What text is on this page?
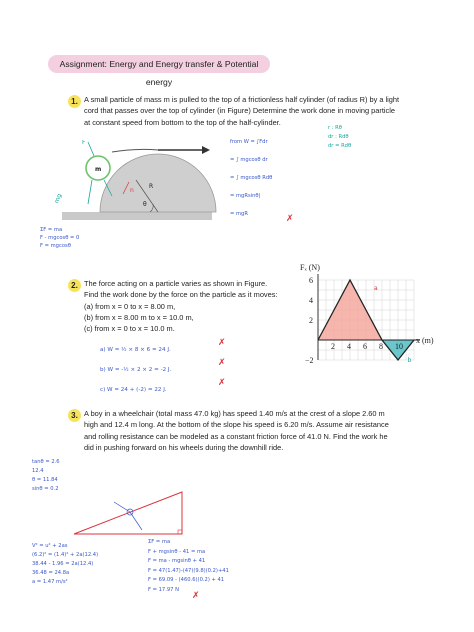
Assignment: Energy and Energy transfer & Potential energy
1. A small particle of mass m is pulled to the top of a frictionless half cylinder (of radius R) by a light
cord that passes over the top of cylinder (in Figure) Determine the work done in moving particle
at constant speed from bottom to the top of the half-cylinder.
θ
R
m
F
n
mg
ΣF = ma
F - mgcosθ = 0
F = mgcosθ
from W = ∫Fdr
= ∫ mgcosθ dr
= ∫ mgcosθ Rdθ
= mgRsinθ|
= mgR	✗
r : Rθ
dr : Rdθ
dr = Rdθ
2. The force acting on a particle varies as shown in Figure.
Find the work done by the force on the particle as it moves:
(a) from x = 0 to x = 8.00 m,
(b) from x = 8.00 m to x = 10.0 m,
(c) from x = 0 to x = 10.0 m.
a) W = ½ × 8 × 6 = 24 J.
b) W = -½ × 2 × 2 = -2 J.
c) W = 24 + (-2) = 22 J.
✗
✗
✗
2 4 6 8 10
6
4
2
−2
Fₓ (N)
x (m)
a
b
3. A boy in a wheelchair (total mass 47.0 kg) has speed 1.40 m/s at the crest of a slope 2.60 m
high and 12.4 m long. At the bottom of the slope his speed is 6.20 m/s. Assume air resistance
and rolling resistance can be modeled as a constant friction force of 41.0 N. Find the work he
did in pushing forward on his wheels during the downhill ride.
tanθ = 2.6
12.4
θ = 11.84
sinθ = 0.2
V² = u² + 2as
(6.2)² = (1.4)² + 2a(12.4)
38.44 - 1.96 = 2a(12.4)
36.48 = 24.8a
a = 1.47 m/s²
ΣF = ma
F + mgsinθ - 41 = ma
F = ma - mgsinθ + 41
F = 47(1.47)-(47)(9.8)(0.2)+41
F = 69.09 - (460.6)(0.2) + 41
F = 17.97 N
✗
